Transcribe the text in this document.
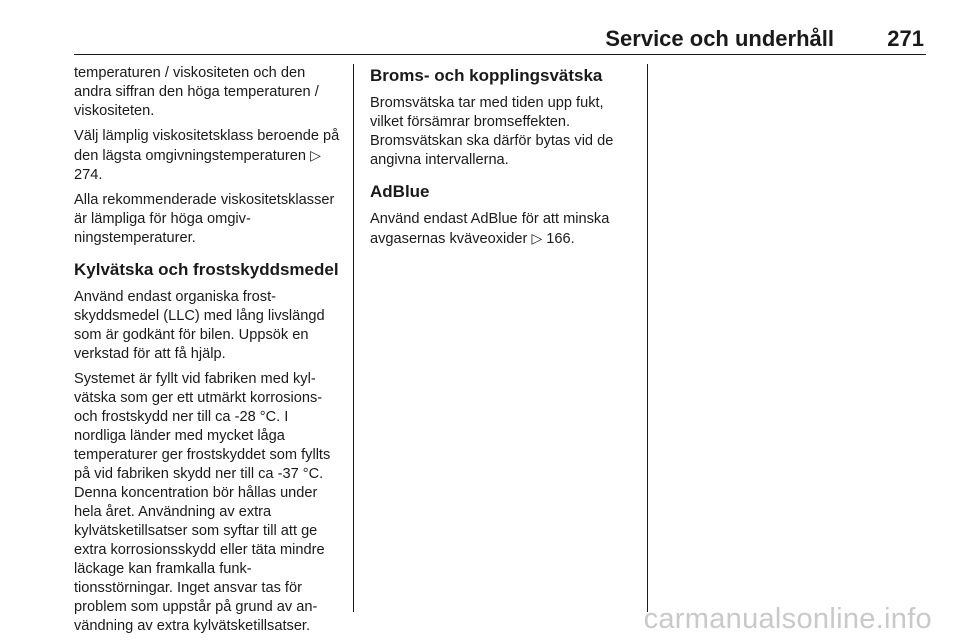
Service och underhåll 271

temperaturen / viskositeten och den andra siffran den höga temperaturen / viskositeten.

Välj lämplig viskositetsklass beroende på den lägsta omgivningstemperaturen ▷ 274.

Alla rekommenderade viskositetsklasser är lämpliga för höga omgivningstemperaturer.

Kylvätska och frostskyddsmedel

Använd endast organiska frostskyddsmedel (LLC) med lång livslängd som är godkänt för bilen. Uppsök en verkstad för att få hjälp.

Systemet är fyllt vid fabriken med kylvätska som ger ett utmärkt korrosions- och frostskydd ner till ca -28 °C. I nordliga länder med mycket låga temperaturer ger frostskyddet som fyllts på vid fabriken skydd ner till ca -37 °C. Denna koncentration bör hållas under hela året. Användning av extra kylvätsketillsatser som syftar till att ge extra korrosionsskydd eller täta mindre läckage kan framkalla funktionsstörningar. Inget ansvar tas för problem som uppstår på grund av användning av extra kylvätsketillsatser.

Broms- och kopplingsvätska

Bromsvätska tar med tiden upp fukt, vilket försämrar bromseffekten. Bromsvätskan ska därför bytas vid de angivna intervallerna.

AdBlue

Använd endast AdBlue för att minska avgasernas kväveoxider ▷ 166.

carmanualsonline.info
